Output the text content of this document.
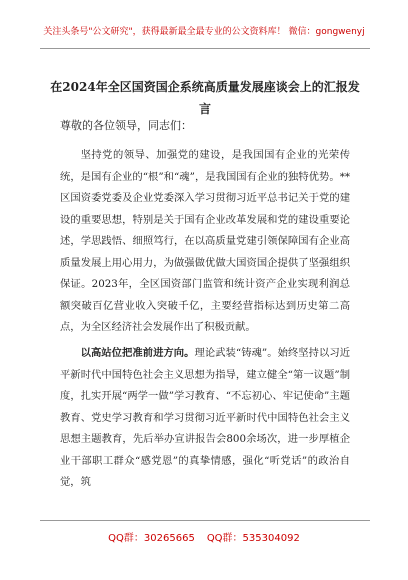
关注头条号"公文研究"，获得最新最全最专业的公文资料库！ 微信：gongwenyj
在2024年全区国资国企系统高质量发展座谈会上的汇报发言
尊敬的各位领导，同志们：
坚持党的领导、加强党的建设，是我国国有企业的光荣传统，是国有企业的“根”和“魂”，是我国国有企业的独特优势。**区国资委党委及企业党委深入学习贯彻习近平总书记关于党的建设的重要思想，特别是关于国有企业改革发展和党的建设重要论述，学思践悟、细照笃行，在以高质量党建引领保障国有企业高质量发展上用心用力，为做强做优做大国资国企提供了坚强组织保证。2023年，全区国资部门监管和统计资产企业实现利润总额突破百亿营业收入突破千亿，主要经营指标达到历史第二高点，为全区经济社会发展作出了积极贡献。
以高站位把准前进方向。理论武装“铸魂”。始终坚持以习近平新时代中国特色社会主义思想为指导，建立健全“第一议题”制度，扎实开展“两学一做”学习教育、“不忘初心、牢记使命”主题教育、党史学习教育和学习贯彻习近平新时代中国特色社会主义思想主题教育，先后举办宣讲报告会800余场次，进一步厚植企业干部职工群众“感党恩”的真挚情感，强化“听党话”的政治自觉，筑
QQ群：30265665 QQ群：535304092
